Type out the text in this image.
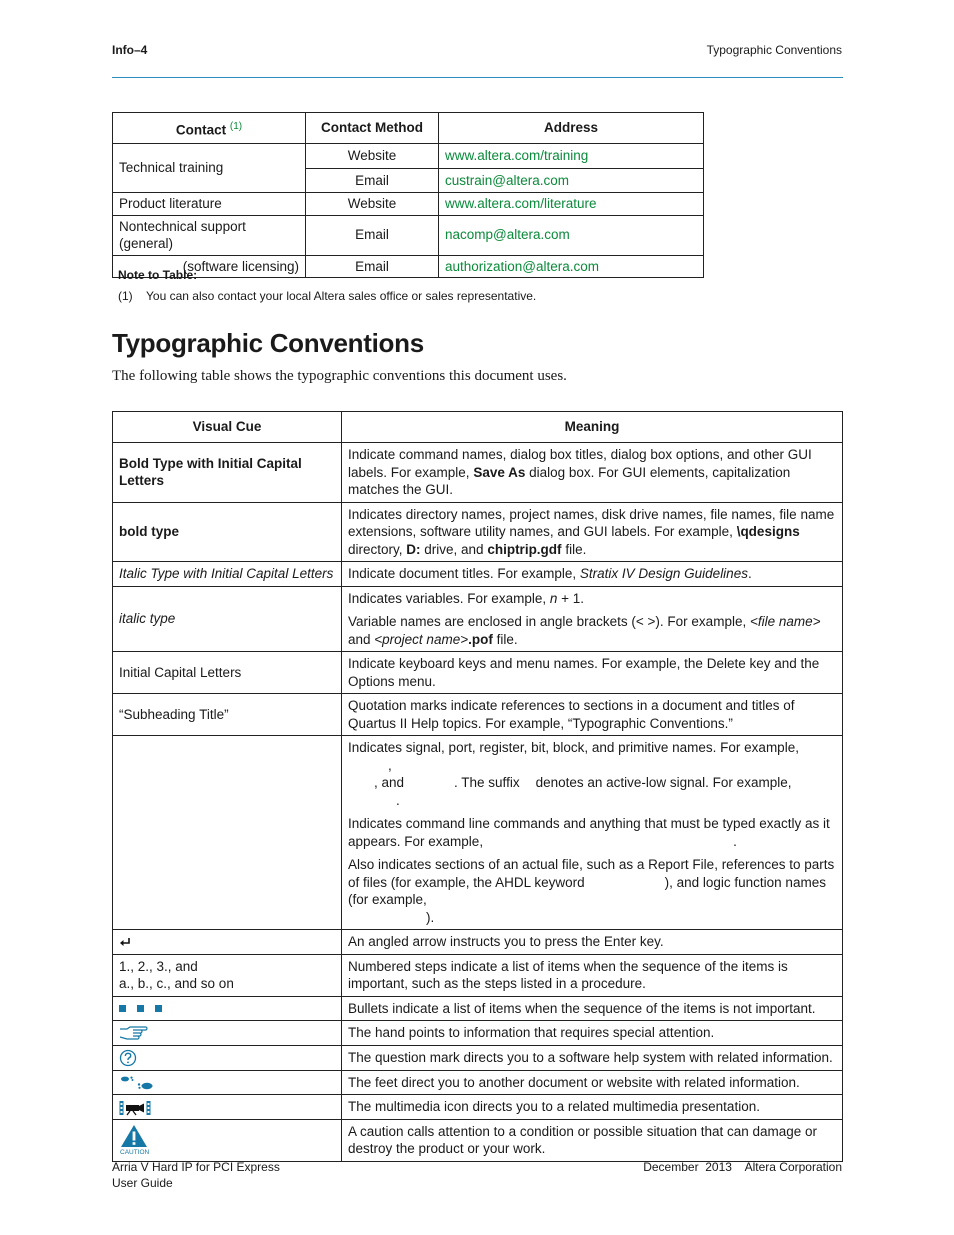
Info–4	Typographic Conventions
Contact $^{(1)}$	Contact Method	Address
Technical training	Website	www.altera.com/training
	Email	custrain@altera.com
Product literature	Website	www.altera.com/literature
Nontechnical support (general)	Email	nacomp@altera.com
(software licensing)	Email	authorization@altera.com
Note to Table:
(1) You can also contact your local Altera sales office or sales representative.
Typographic Conventions
The following table shows the typographic conventions this document uses.
Visual Cue	Meaning
Bold Type with Initial Capital Letters	Indicate command names, dialog box titles, dialog box options, and other GUI labels. For example, Save As dialog box. For GUI elements, capitalization matches the GUI.
bold type	Indicates directory names, project names, disk drive names, file names, file name extensions, software utility names, and GUI labels. For example, \qdesigns directory, D: drive, and chiptrip.gdf file.
Italic Type with Initial Capital Letters	Indicate document titles. For example, Stratix IV Design Guidelines.
italic type	Indicates variables. For example, n + 1.

Variable names are enclosed in angle brackets (< >). For example, <file name> and <project name>.pof file.

Initial Capital Letters	Indicate keyboard keys and menu names. For example, the Delete key and the Options menu.
“Subheading Title”	Quotation marks indicate references to sections in a document and titles of Quartus II Help topics. For example, “Typographic Conventions.”

	Indicates signal, port, register, bit, block, and primitive names. For example,,
, and . The suffix denotes an active-low signal. For example,.

Indicates command line commands and anything that must be typed exactly as it appears. For example, .

Also indicates sections of an actual file, such as a Report File, references to parts of files (for example, the AHDL keyword ), and logic function names (for example,
).

	An angled arrow instructs you to press the Enter key.
1., 2., 3., and
a., b., c., and so on	Numbered steps indicate a list of items when the sequence of the items is important, such as the steps listed in a procedure.
	Bullets indicate a list of items when the sequence of the items is not important.
	The hand points to information that requires special attention.
	The question mark directs you to a software help system with related information.
	The feet direct you to another document or website with related information.
	The multimedia icon directs you to a related multimedia presentation.

CAUTION	A caution calls attention to a condition or possible situation that can damage or destroy the product or your work.
Arria V Hard IP for PCI Express
User Guide
December  2013    Altera Corporation
